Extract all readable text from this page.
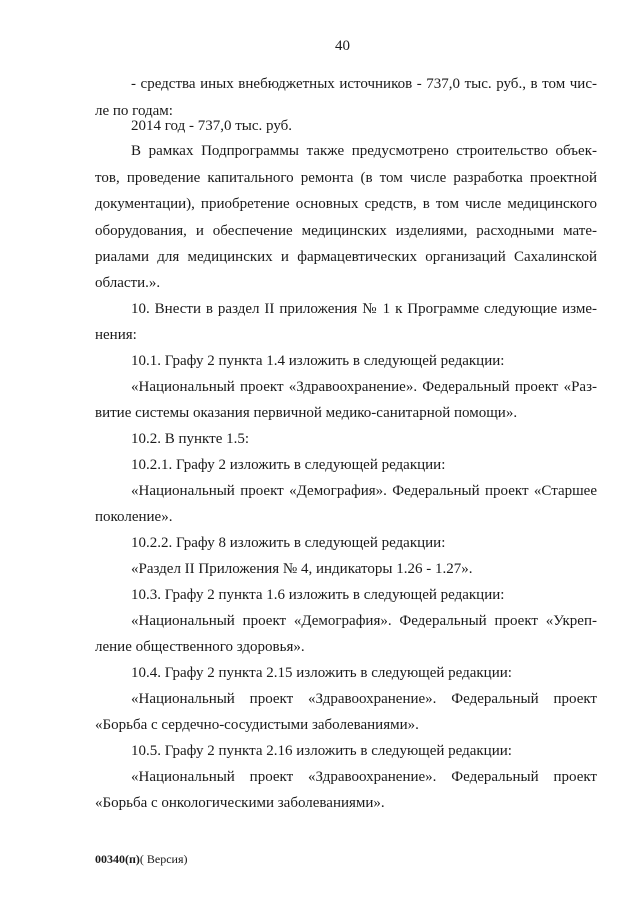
40
- средства иных внебюджетных источников - 737,0 тыс. руб., в том чис-
ле по годам:
2014 год - 737,0 тыс. руб.
В рамках Подпрограммы также предусмотрено строительство объек-
тов, проведение капитального ремонта (в том числе разработка проектной
документации), приобретение основных средств, в том числе медицинского
оборудования, и обеспечение медицинских изделиями, расходными мате-
риалами для медицинских и фармацевтических организаций Сахалинской
области.».
10. Внести в раздел II приложения № 1 к Программе следующие изме-
нения:
10.1. Графу 2 пункта 1.4 изложить в следующей редакции:
«Национальный проект «Здравоохранение». Федеральный проект «Раз-
витие системы оказания первичной медико-санитарной помощи».
10.2. В пункте 1.5:
10.2.1. Графу 2 изложить в следующей редакции:
«Национальный проект «Демография». Федеральный проект «Старшее
поколение».
10.2.2. Графу 8 изложить в следующей редакции:
«Раздел II Приложения № 4, индикаторы 1.26 - 1.27».
10.3. Графу 2 пункта 1.6 изложить в следующей редакции:
«Национальный проект «Демография». Федеральный проект «Укреп-
ление общественного здоровья».
10.4. Графу 2 пункта 2.15 изложить в следующей редакции:
«Национальный проект «Здравоохранение». Федеральный проект
«Борьба с сердечно-сосудистыми заболеваниями».
10.5. Графу 2 пункта 2.16 изложить в следующей редакции:
«Национальный проект «Здравоохранение». Федеральный проект
«Борьба с онкологическими заболеваниями».
00340(п)( Версия)
